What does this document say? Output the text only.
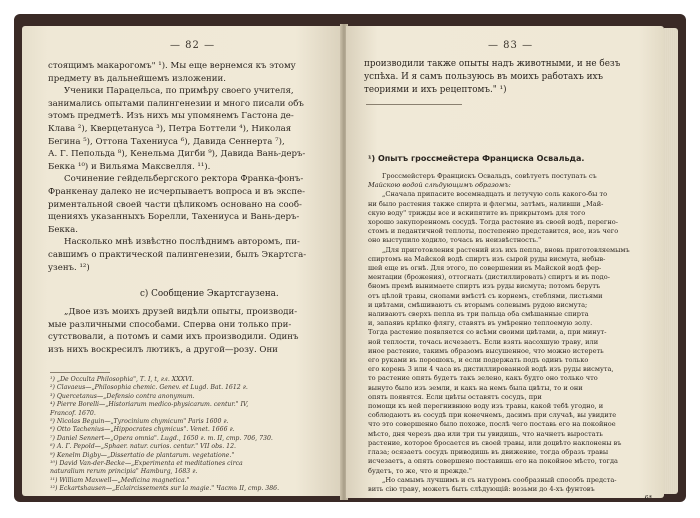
— 82 —
стоящимъ макарогомъ" ¹). Мы еще вернемся къ этому
предмету въ дальнейшемъ изложении.
Ученики Парацельса, по примѣру своего учителя,
занимались опытами палингенезии и много писали объ
этомъ предметѣ. Изъ нихъ мы упомянемъ Гастона де-
Клава ²), Кверцетануса ³), Петра Боттели ⁴), Николая
Бегина ⁵), Оттона Тахениуса ⁶), Давида Сеннерта ⁷),
А. Г. Пепольда ⁸), Кенельма Дигби ⁹), Давида Вань-деръ-
Бекка ¹⁰) и Вильяма Максвелля. ¹¹).
Сочинение гейдельбергского ректора Франка-фонъ-
Франкенау далеко не исчерпываетъ вопроса и въ экспе-
риментальной своей части цѣликомъ основано на сооб-
щенияхъ указанныхъ Борелли, Тахениуса и Вань-деръ-
Бекка.
Насколько мнѣ извѣстно послѣднимъ авторомъ, пи-
савшимъ о практической палингенезии, былъ Экартсга-
узенъ. ¹²)
c) Сообщение Экартсгаузена.
„Двое изъ моихъ друзей видѣли опыты, производи-
мые различными способами. Сперва они только при-
сутствовали, а потомъ и сами ихъ производили. Одинъ
изъ нихъ воскресилъ лютикъ, а другой—розу. Они
¹) „De Occulta Philosophia", Т. I, t, гл. XXXVI.
²) Clavaeus—„Philosophia chemic. Genev. et Lugd. Bat. 1612 г.
³) Quercetanus—„Defensio contra anonymum.
⁴) Pierre Borelli—„Historiarum medico-physicarum. centur." IV,
Francof. 1670.
⁵) Nicolas Beguin—„Tyrocinium chymicum" Paris 1600 г.
⁶) Otto Tachenius—„Hippocrates chymicus". Venet. 1666 г.
⁷) Daniel Sennert—„Opera omnia". Lugd., 1650 г. т. II, стр. 706, 730.
⁸) А. Г. Pepold—„Sphaer. natur. curios. centur." VII obs. 12.
⁹) Kenelm Digby—„Dissertatio de plantarum. vegetatione."
¹⁰) David Van-der-Becke—„Experimenta et meditationes circa
naturalium rerum principia" Hamburg, 1683 г.
¹¹) William Maxwell—„Medicina magnetica."
¹²) Eckartshausen—„Eclaircissements sur la magie." Часть II, стр. 386.
— 83 —
производили также опыты надъ животными, и не безъ
успѣха. И я самъ пользуюсь въ моихъ работахъ ихъ
теориями и ихъ рецептомъ." ¹)
¹) Опытъ гроссмейстера Францискa Освальда.
Гроссмейстеръ Францискъ Освальдъ, совѣтуетъ поступать съ
Майскою водой слѣдующимъ образомъ:
„Сначала припасите восемнадцать и летучую соль какого-бы то
ни было растения также спирта и флегмы, затѣмъ, наливши „Май-
скую воду" трижды все и вскипятите въ прикрытомъ для того
хорошо закупоренномъ сосудѣ. Тогда растение въ своей водѣ, перегно-
стомъ и педантичной теплоты, постепенно представится, все, изъ чего
оно выступило ходило, точась въ неизвѣстность."
„Для приготовления растений изъ ихъ пепла, вновь приготовляемымъ
спиртомъ на Майской водѣ спиртъ изъ сырой руды висмута, небыв-
шей еще въ огнѣ. Для этого, по совершении въ Майской водѣ фер-
ментации (брожения), оттогнать (дистиллировать) спиртъ и въ подо-
бномъ премѣ вынимаете спиртъ изъ руды висмута; потомъ берутъ
отъ цѣлой травы, снопами вмѣстѣ съ корнемъ, стеблями, листьями
и цвѣтами, смѣшиваютъ съ вторымъ солевымъ рудою висмута;
наливаютъ сверхъ пепла въ три пальца оба смѣшанные спирта
и, запаявъ крѣпко флягу, ставятъ въ умѣренно теплоемую золу.
Тогда растение появляется со всѣми своими цвѣтами, а, при минут-
ной теплости, точась исчезаетъ. Если взять насохшую траву, или
иное растение, такимъ образомъ высушенное, что можно истереть
его руками въ порошокъ, и если подержать подъ одинъ только
его корень 3 или 4 часа въ дистиллированной водѣ изъ руды висмута,
то растение опять будетъ такъ зелено, какъ будто оно только что
вынуто было изъ земли, и какъ на немъ была цвѣты, то и они
опять появятся. Если цвѣты оставятъ сосудъ, при
помощи къ ней перегнивнюю воду изъ травы, какой тебѣ угодно, и
соблюдаютъ въ сосудѣ при конечнемъ, дасимъ при случаѣ, вы увидите
что это совершенно было похоже, послѣ чего поставь его на покойное
мѣсто, дня черезъ два или три ты увидишь, что начнетъ выростать
растение, которое бросается въ своей травы, или доцвѣто наклонены въ
глаза; осязаетъ сосудъ приводишь въ движение, тогда образъ травы
исчезаетъ, а опять совершено поставишь его на покойное мѣсто, тогда
будетъ, то же, что и прежде."
„Но самымъ лучшимъ и съ натуромъ сообразный способъ предста-
вить сію траву, можетъ быть слѣдующій: возьми до 4-хъ фунтовъ
6*
